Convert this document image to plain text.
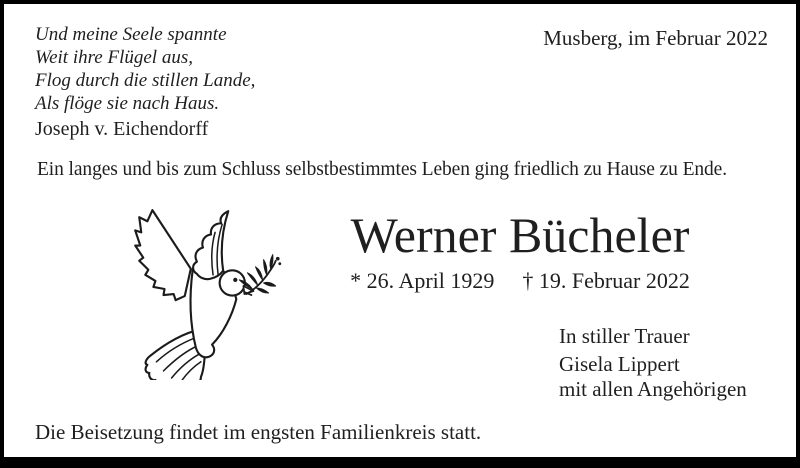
Und meine Seele spannte
Weit ihre Flügel aus,
Flog durch die stillen Lande,
Als flöge sie nach Haus.
Joseph v. Eichendorff
Musberg, im Februar 2022
Ein langes und bis zum Schluss selbstbestimmtes Leben ging friedlich zu Hause zu Ende.
Werner Bücheler
* 26. April 1929 † 19. Februar 2022
In stiller Trauer
Gisela Lippert
mit allen Angehörigen
Die Beisetzung findet im engsten Familienkreis statt.
